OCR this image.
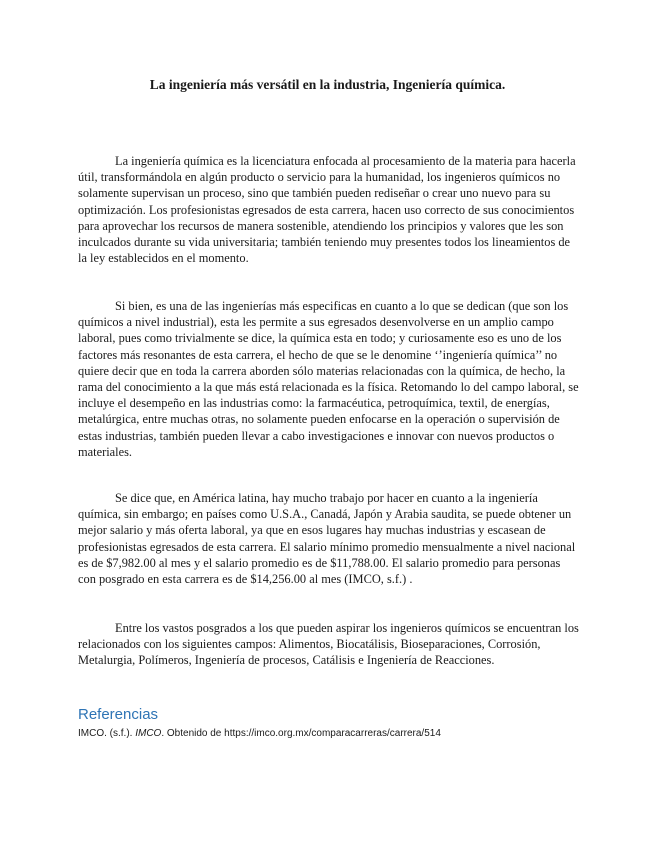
La ingeniería más versátil en la industria, Ingeniería química.

La ingeniería química es la licenciatura enfocada al procesamiento de la materia para hacerla útil, transformándola en algún producto o servicio para la humanidad, los ingenieros químicos no solamente supervisan un proceso, sino que también pueden rediseñar o crear uno nuevo para su optimización. Los profesionistas egresados de esta carrera, hacen uso correcto de sus conocimientos para aprovechar los recursos de manera sostenible, atendiendo los principios y valores que les son inculcados durante su vida universitaria; también teniendo muy presentes todos los lineamientos de la ley establecidos en el momento.

Si bien, es una de las ingenierías más especificas en cuanto a lo que se dedican (que son los químicos a nivel industrial), esta les permite a sus egresados desenvolverse en un amplio campo laboral, pues como trivialmente se dice, la química esta en todo; y curiosamente eso es uno de los factores más resonantes de esta carrera, el hecho de que se le denomine ‘’ingeniería química’’ no quiere decir que en toda la carrera aborden sólo materias relacionadas con la química, de hecho, la rama del conocimiento a la que más está relacionada es la física. Retomando lo del campo laboral, se incluye el desempeño en las industrias como: la farmacéutica, petroquímica, textil, de energías, metalúrgica, entre muchas otras, no solamente pueden enfocarse en la operación o supervisión de estas industrias, también pueden llevar a cabo investigaciones e innovar con nuevos productos o materiales.

Se dice que, en América latina, hay mucho trabajo por hacer en cuanto a la ingeniería química, sin embargo; en países como U.S.A., Canadá, Japón y Arabia saudita, se puede obtener un mejor salario y más oferta laboral, ya que en esos lugares hay muchas industrias y escasean de profesionistas egresados de esta carrera. El salario mínimo promedio mensualmente a nivel nacional es de $7,982.00 al mes y el salario promedio es de $11,788.00. El salario promedio para personas con posgrado en esta carrera es de $14,256.00 al mes (IMCO, s.f.) .

Entre los vastos posgrados a los que pueden aspirar los ingenieros químicos se encuentran los relacionados con los siguientes campos: Alimentos, Biocatálisis, Bioseparaciones, Corrosión, Metalurgia, Polímeros, Ingeniería de procesos, Catálisis e Ingeniería de Reacciones.

Referencias

IMCO. (s.f.). IMCO. Obtenido de https://imco.org.mx/comparacarreras/carrera/514
